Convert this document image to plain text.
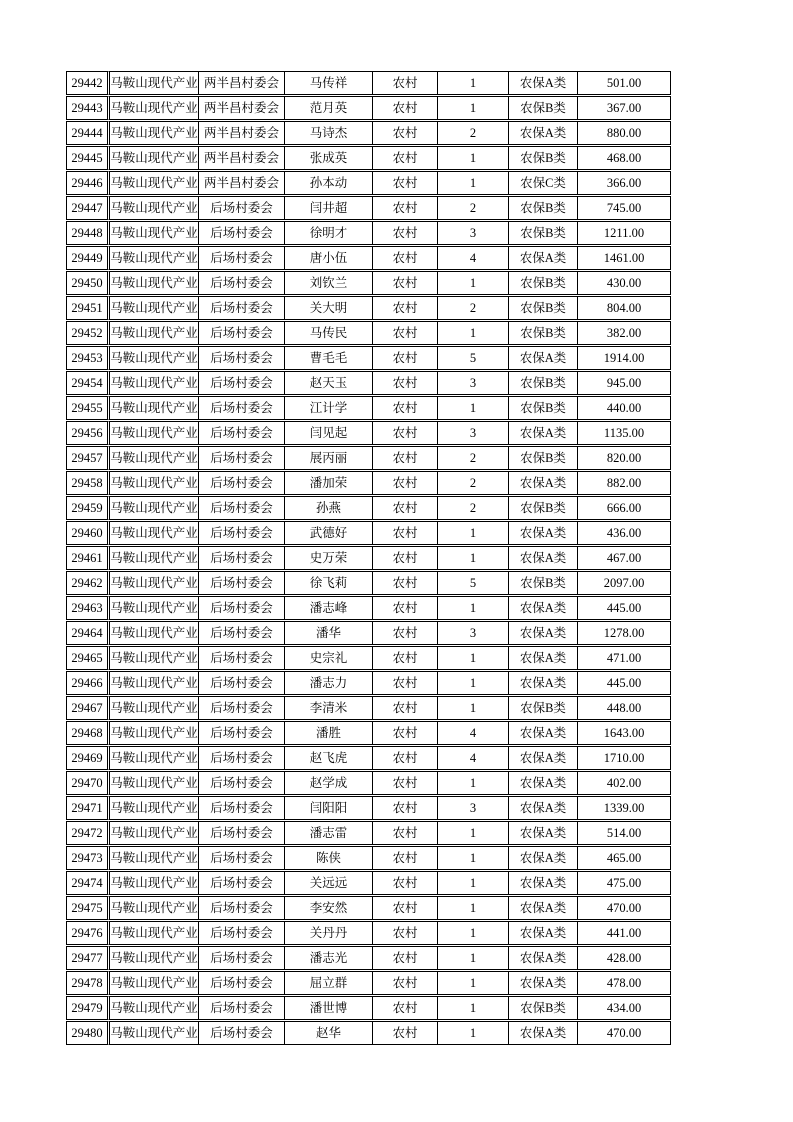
29442 马鞍山现代产业 两半昌村委会	马传祥	农村	1	农保A类	501.00
29443 马鞍山现代产业 两半昌村委会	范月英	农村	1	农保B类	367.00
29444 马鞍山现代产业 两半昌村委会	马诗杰	农村	2	农保A类	880.00
29445 马鞍山现代产业 两半昌村委会	张成英	农村	1	农保B类	468.00
29446 马鞍山现代产业 两半昌村委会	孙本动	农村	1	农保C类	366.00
29447 马鞍山现代产业 后场村委会	闫井超	农村	2	农保B类	745.00
29448 马鞍山现代产业 后场村委会	徐明才	农村	3	农保B类	1211.00
29449 马鞍山现代产业 后场村委会	唐小伍	农村	4	农保A类	1461.00
29450 马鞍山现代产业 后场村委会	刘钦兰	农村	1	农保B类	430.00
29451 马鞍山现代产业 后场村委会	关大明	农村	2	农保B类	804.00
29452 马鞍山现代产业 后场村委会	马传民	农村	1	农保B类	382.00
29453 马鞍山现代产业 后场村委会	曹毛毛	农村	5	农保A类	1914.00
29454 马鞍山现代产业 后场村委会	赵天玉	农村	3	农保B类	945.00
29455 马鞍山现代产业 后场村委会	江计学	农村	1	农保B类	440.00
29456 马鞍山现代产业 后场村委会	闫见起	农村	3	农保A类	1135.00
29457 马鞍山现代产业 后场村委会	展丙丽	农村	2	农保B类	820.00
29458 马鞍山现代产业 后场村委会	潘加荣	农村	2	农保A类	882.00
29459 马鞍山现代产业 后场村委会	孙燕	农村	2	农保B类	666.00
29460 马鞍山现代产业 后场村委会	武德好	农村	1	农保A类	436.00
29461 马鞍山现代产业 后场村委会	史万荣	农村	1	农保A类	467.00
29462 马鞍山现代产业 后场村委会	徐飞莉	农村	5	农保B类	2097.00
29463 马鞍山现代产业 后场村委会	潘志峰	农村	1	农保A类	445.00
29464 马鞍山现代产业 后场村委会	潘华	农村	3	农保A类	1278.00
29465 马鞍山现代产业 后场村委会	史宗礼	农村	1	农保A类	471.00
29466 马鞍山现代产业 后场村委会	潘志力	农村	1	农保A类	445.00
29467 马鞍山现代产业 后场村委会	李清米	农村	1	农保B类	448.00
29468 马鞍山现代产业 后场村委会	潘胜	农村	4	农保A类	1643.00
29469 马鞍山现代产业 后场村委会	赵飞虎	农村	4	农保A类	1710.00
29470 马鞍山现代产业 后场村委会	赵学成	农村	1	农保A类	402.00
29471 马鞍山现代产业 后场村委会	闫阳阳	农村	3	农保A类	1339.00
29472 马鞍山现代产业 后场村委会	潘志雷	农村	1	农保A类	514.00
29473 马鞍山现代产业 后场村委会	陈侠	农村	1	农保A类	465.00
29474 马鞍山现代产业 后场村委会	关远远	农村	1	农保A类	475.00
29475 马鞍山现代产业 后场村委会	李安然	农村	1	农保A类	470.00
29476 马鞍山现代产业 后场村委会	关丹丹	农村	1	农保A类	441.00
29477 马鞍山现代产业 后场村委会	潘志光	农村	1	农保A类	428.00
29478 马鞍山现代产业 后场村委会	屈立群	农村	1	农保A类	478.00
29479 马鞍山现代产业 后场村委会	潘世博	农村	1	农保B类	434.00
29480 马鞍山现代产业 后场村委会	赵华	农村	1	农保A类	470.00
